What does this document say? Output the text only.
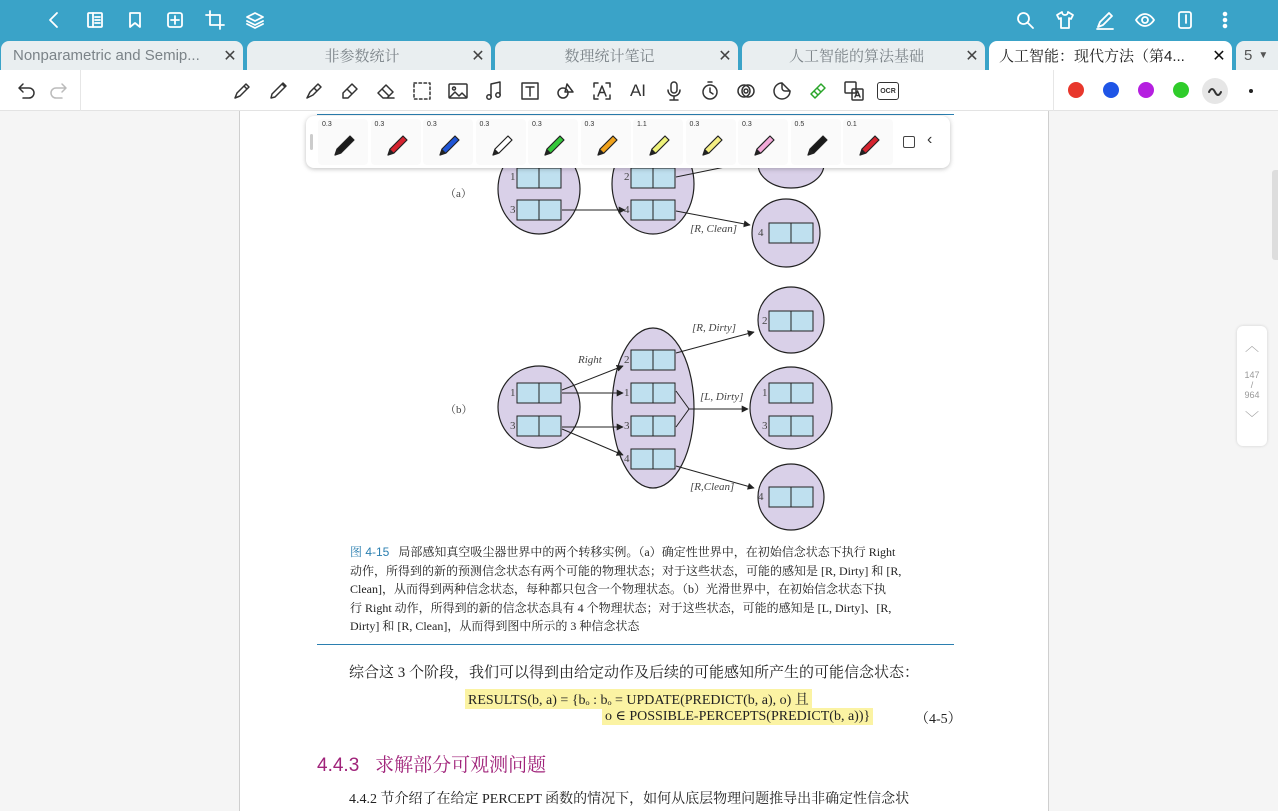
Nonparametric and Semip...	✕	非参数统计	✕	数理统计笔记	✕	人工智能的算法基础	✕	人工智能：现代方法（第4...	✕	5 ▼
AI	OCR
（a）
（b）
[R, Clean]
Right
[R, Dirty]
[L, Dirty]
[R,Clean]
1
3
2
4
4
1
3
2
1
3
4
2
1
3
4
图 4-15 局部感知真空吸尘器世界中的两个转移实例。（a）确定性世界中，在初始信念状态下执行 Right
动作，所得到的新的预测信念状态有两个可能的物理状态；对于这些状态，可能的感知是 [R, Dirty] 和 [R,
Clean]，从而得到两种信念状态，每种都只包含一个物理状态。（b）光滑世界中，在初始信念状态下执
行 Right 动作，所得到的新的信念状态具有 4 个物理状态；对于这些状态，可能的感知是 [L, Dirty]、[R,
Dirty] 和 [R, Clean]，从而得到图中所示的 3 种信念状态
综合这 3 个阶段，我们可以得到由给定动作及后续的可能感知所产生的可能信念状态：
RESULTS(b, a) = {bₒ : bₒ = UPDATE(PREDICT(b, a), o) 且
o ∈ POSSIBLE-PERCEPTS(PREDICT(b, a))}	（4-5）
4.4.3 求解部分可观测问题
4.4.2 节介绍了在给定 PERCEPT 函数的情况下，如何从底层物理问题推导出非确定性信念状
0.3	0.3	0.3	0.3	0.3	0.3	1.1	0.3	0.3	0.5	0.1
‹
︿
147
/
964
﹀
